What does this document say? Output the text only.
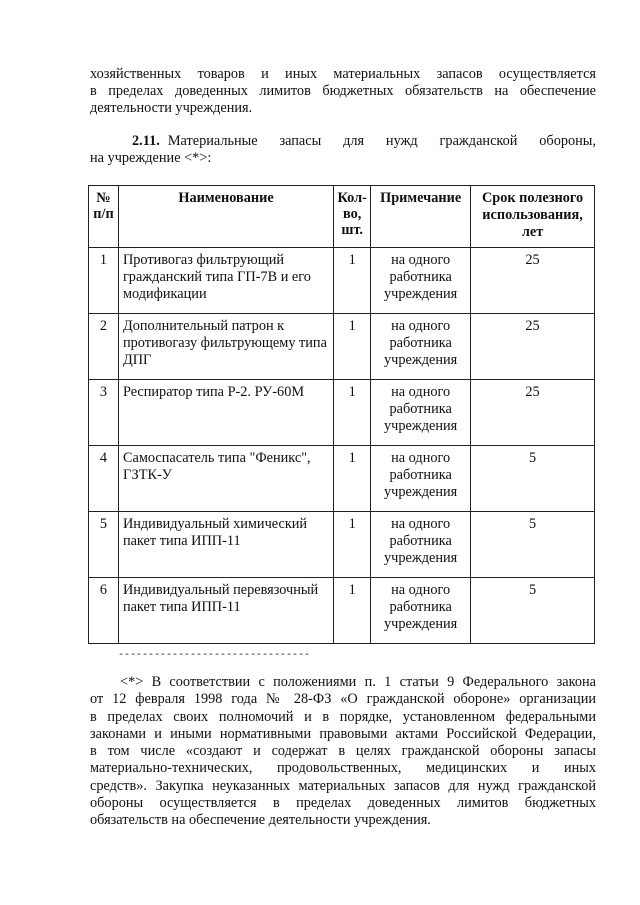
хозяйственных товаров и иных материальных запасов осуществляется
в пределах доведенных лимитов бюджетных обязательств на обеспечение
деятельности учреждения.
2.11. Материальные запасы для нужд гражданской обороны,
на учреждение <*>:
№ п/п	Наименование	Кол-во, шт.	Примечание	Срок полезного использования, лет
1	Противогаз фильтрующий гражданский типа ГП-7В и его модификации	1	на одного работника учреждения	25
2	Дополнительный патрон к противогазу фильтрующему типа ДПГ	1	на одного работника учреждения	25
3	Респиратор типа Р-2. РУ-60М	1	на одного работника учреждения	25
4	Самоспасатель типа "Феникс", ГЗТК-У	1	на одного работника учреждения	5
5	Индивидуальный химический пакет типа ИПП-11	1	на одного работника учреждения	5
6	Индивидуальный перевязочный пакет типа ИПП-11	1	на одного работника учреждения	5
--------------------------------
<*> В соответствии с положениями п. 1 статьи 9 Федерального закона
от 12 февраля 1998 года № 28-ФЗ «О гражданской обороне» организации
в пределах своих полномочий и в порядке, установленном федеральными
законами и иными нормативными правовыми актами Российской Федерации,
в том числе «создают и содержат в целях гражданской обороны запасы
материально-технических, продовольственных, медицинских и иных
средств». Закупка неуказанных материальных запасов для нужд гражданской
обороны осуществляется в пределах доведенных лимитов бюджетных
обязательств на обеспечение деятельности учреждения.
